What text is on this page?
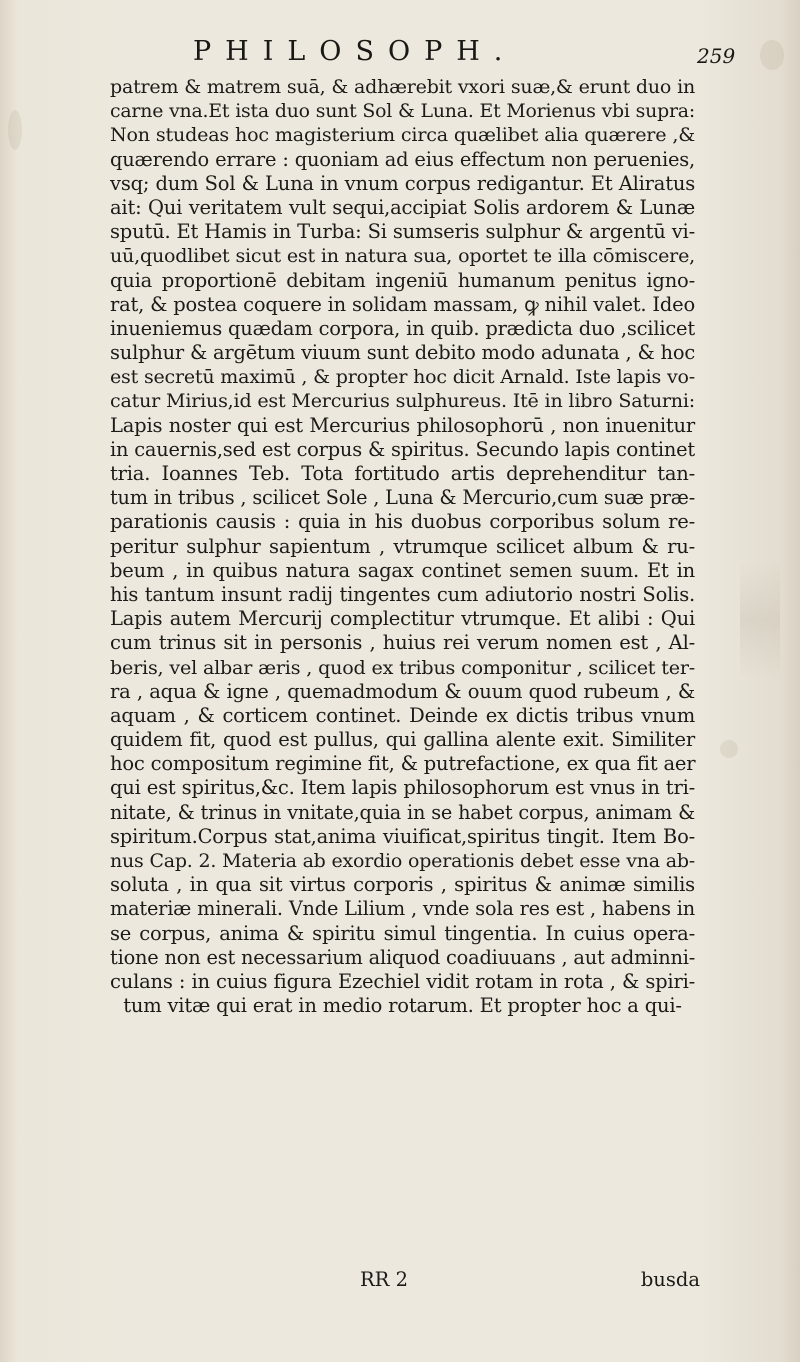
PHILOSOPH.	259
patrem & matrem suā, & adhærebit vxori suæ,& erunt duo in
carne vna.Et ista duo sunt Sol & Luna. Et Morienus vbi supra:
Non studeas hoc magisterium circa quælibet alia quærere ,&
quærendo errare : quoniam ad eius effectum non peruenies,
vsq; dum Sol & Luna in vnum corpus redigantur. Et Aliratus
ait: Qui veritatem vult sequi,accipiat Solis ardorem & Lunæ
sputū. Et Hamis in Turba: Si sumseris sulphur & argentū vi-
uū,quodlibet sicut est in natura sua, oportet te illa cōmiscere,
quia proportionē debitam ingeniū humanum penitus igno-
rat, & postea coquere in solidam massam, ꝙ nihil valet. Ideo
inueniemus quædam corpora, in quib. prædicta duo ,scilicet
sulphur & argētum viuum sunt debito modo adunata , & hoc
est secretū maximū , & propter hoc dicit Arnald. Iste lapis vo-
catur Mirius,id est Mercurius sulphureus. Itē in libro Saturni:
Lapis noster qui est Mercurius philosophorū , non inuenitur
in cauernis,sed est corpus & spiritus. Secundo lapis continet
tria. Ioannes Teb. Tota fortitudo artis deprehenditur tan-
tum in tribus , scilicet Sole , Luna & Mercurio,cum suæ præ-
parationis causis : quia in his duobus corporibus solum re-
peritur sulphur sapientum , vtrumque scilicet album & ru-
beum , in quibus natura sagax continet semen suum. Et in
his tantum insunt radij tingentes cum adiutorio nostri Solis.
Lapis autem Mercurij complectitur vtrumque. Et alibi : Qui
cum trinus sit in personis , huius rei verum nomen est , Al-
beris, vel albar æris , quod ex tribus componitur , scilicet ter-
ra , aqua & igne , quemadmodum & ouum quod rubeum , &
aquam , & corticem continet. Deinde ex dictis tribus vnum
quidem fit, quod est pullus, qui gallina alente exit. Similiter
hoc compositum regimine fit, & putrefactione, ex qua fit aer
qui est spiritus,&c. Item lapis philosophorum est vnus in tri-
nitate, & trinus in vnitate,quia in se habet corpus, animam &
spiritum.Corpus stat,anima viuificat,spiritus tingit. Item Bo-
nus Cap. 2. Materia ab exordio operationis debet esse vna ab-
soluta , in qua sit virtus corporis , spiritus & animæ similis
materiæ minerali. Vnde Lilium , vnde sola res est , habens in
se corpus, anima & spiritu simul tingentia. In cuius opera-
tione non est necessarium aliquod coadiuuans , aut adminni-
culans : in cuius figura Ezechiel vidit rotam in rota , & spiri-
tum vitæ qui erat in medio rotarum. Et propter hoc a qui-
RR 2	busda
